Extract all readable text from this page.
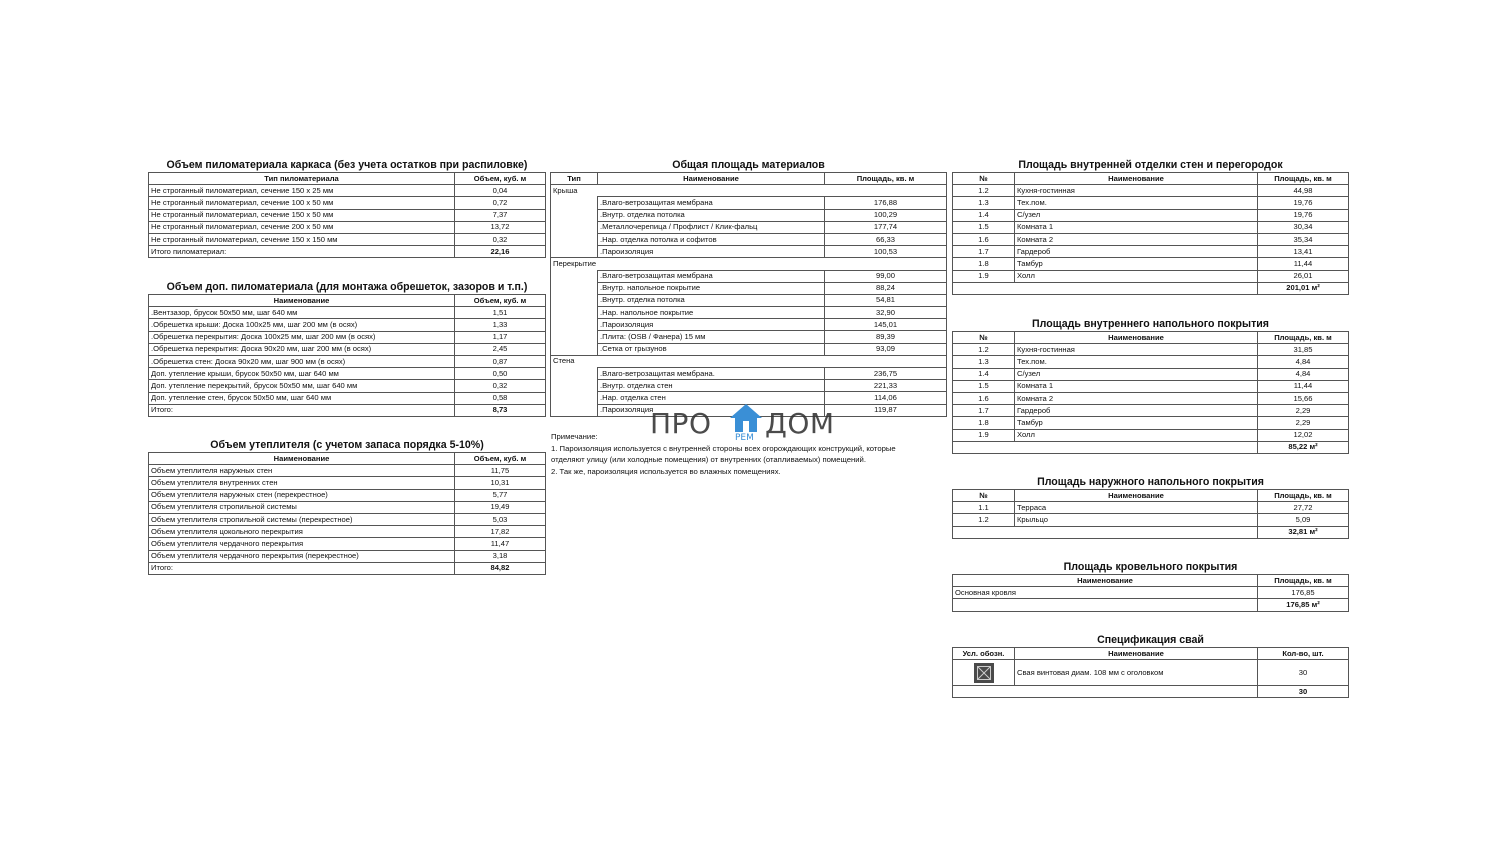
Объем пиломатериала каркаса (без учета остатков при распиловке)
Тип пиломатериала	Объем, куб. м
Не строганный пиломатериал, сечение 150 х 25 мм	0,04
Не строганный пиломатериал, сечение 100 х 50 мм	0,72
Не строганный пиломатериал, сечение 150 х 50 мм	7,37
Не строганный пиломатериал, сечение 200 х 50 мм	13,72
Не строганный пиломатериал, сечение 150 х 150 мм	0,32
Итого пиломатериал:	22,16
Объем доп. пиломатериала (для монтажа обрешеток, зазоров и т.п.)
Наименование	Объем, куб. м
.Вентзазор, брусок 50х50 мм, шаг 640 мм	1,51
.Обрешетка крыши: Доска 100х25 мм, шаг 200 мм (в осях)	1,33
.Обрешетка перекрытия: Доска 100х25 мм, шаг 200 мм (в осях)	1,17
.Обрешетка перекрытия: Доска 90х20 мм, шаг 200 мм (в осях)	2,45
.Обрешетка стен: Доска 90х20 мм, шаг 900 мм (в осях)	0,87
Доп. утепление крыши, брусок 50х50 мм, шаг 640 мм	0,50
Доп. утепление перекрытий, брусок 50х50 мм, шаг 640 мм	0,32
Доп. утепление стен, брусок 50х50 мм, шаг 640 мм	0,58
Итого:	8,73
Объем утеплителя (с учетом запаса порядка 5-10%)
Наименование	Объем, куб. м
Объем утеплителя наружных стен	11,75
Объем утеплителя внутренних стен	10,31
Объем утеплителя наружных стен (перекрестное)	5,77
Объем утеплителя стропильной системы	19,49
Объем утеплителя стропильной системы (перекрестное)	5,03
Объем утеплителя цокольного перекрытия	17,82
Объем утеплителя чердачного перекрытия	11,47
Объем утеплителя чердачного перекрытия (перекрестное)	3,18
Итого:	84,82
Общая площадь материалов
Тип	Наименование	Площадь, кв. м
Крыша		
	.Влаго-ветрозащитая мембрана	176,88
	.Внутр. отделка потолка	100,29
	.Металлочерепица / Профлист / Клик-фальц	177,74
	.Нар. отделка потолка и софитов	66,33
	.Пароизоляция	100,53
Перекрытие		
	.Влаго-ветрозащитая мембрана	99,00
	.Внутр. напольное покрытие	88,24
	.Внутр. отделка потолка	54,81
	.Нар. напольное покрытие	32,90
	.Пароизоляция	145,01
	.Плита: (OSB / Фанера) 15 мм	89,39
	.Сетка от грызунов	93,09
Стена		
	.Влаго-ветрозащитая мембрана.	236,75
	.Внутр. отделка стен	221,33
	.Нар. отделка стен	114,06
	.Пароизоляция	119,87
ПРО	РЕМ ДОМ
Примечание:
1. Пароизоляция используется с внутренней стороны всех огорождающих конструкций, которые
отделяют улицу (или холодные помещения) от внутренних (отапливаемых) помещений.
2. Так же, пароизоляция используется во влажных помещениях.
Площадь внутренней отделки стен и перегородок
№	Наименование	Площадь, кв. м
1.2	Кухня-гостинная	44,98
1.3	Тех.пом.	19,76
1.4	С/узел	19,76
1.5	Комната 1	30,34
1.6	Комната 2	35,34
1.7	Гардероб	13,41
1.8	Тамбур	11,44
1.9	Холл	26,01
		201,01 м²
Площадь внутреннего напольного покрытия
№	Наименование	Площадь, кв. м
1.2	Кухня-гостинная	31,85
1.3	Тех.пом.	4,84
1.4	С/узел	4,84
1.5	Комната 1	11,44
1.6	Комната 2	15,66
1.7	Гардероб	2,29
1.8	Тамбур	2,29
1.9	Холл	12,02
		85,22 м²
Площадь наружного напольного покрытия
№	Наименование	Площадь, кв. м
1.1	Терраса	27,72
1.2	Крыльцо	5,09
		32,81 м²
Площадь кровельного покрытия
Наименование	Площадь, кв. м
Основная кровля	176,85
	176,85 м²
Спецификация свай
Усл. обозн.	Наименование	Кол-во, шт.

	Свая винтовая диам. 108 мм с оголовком	30
		30
